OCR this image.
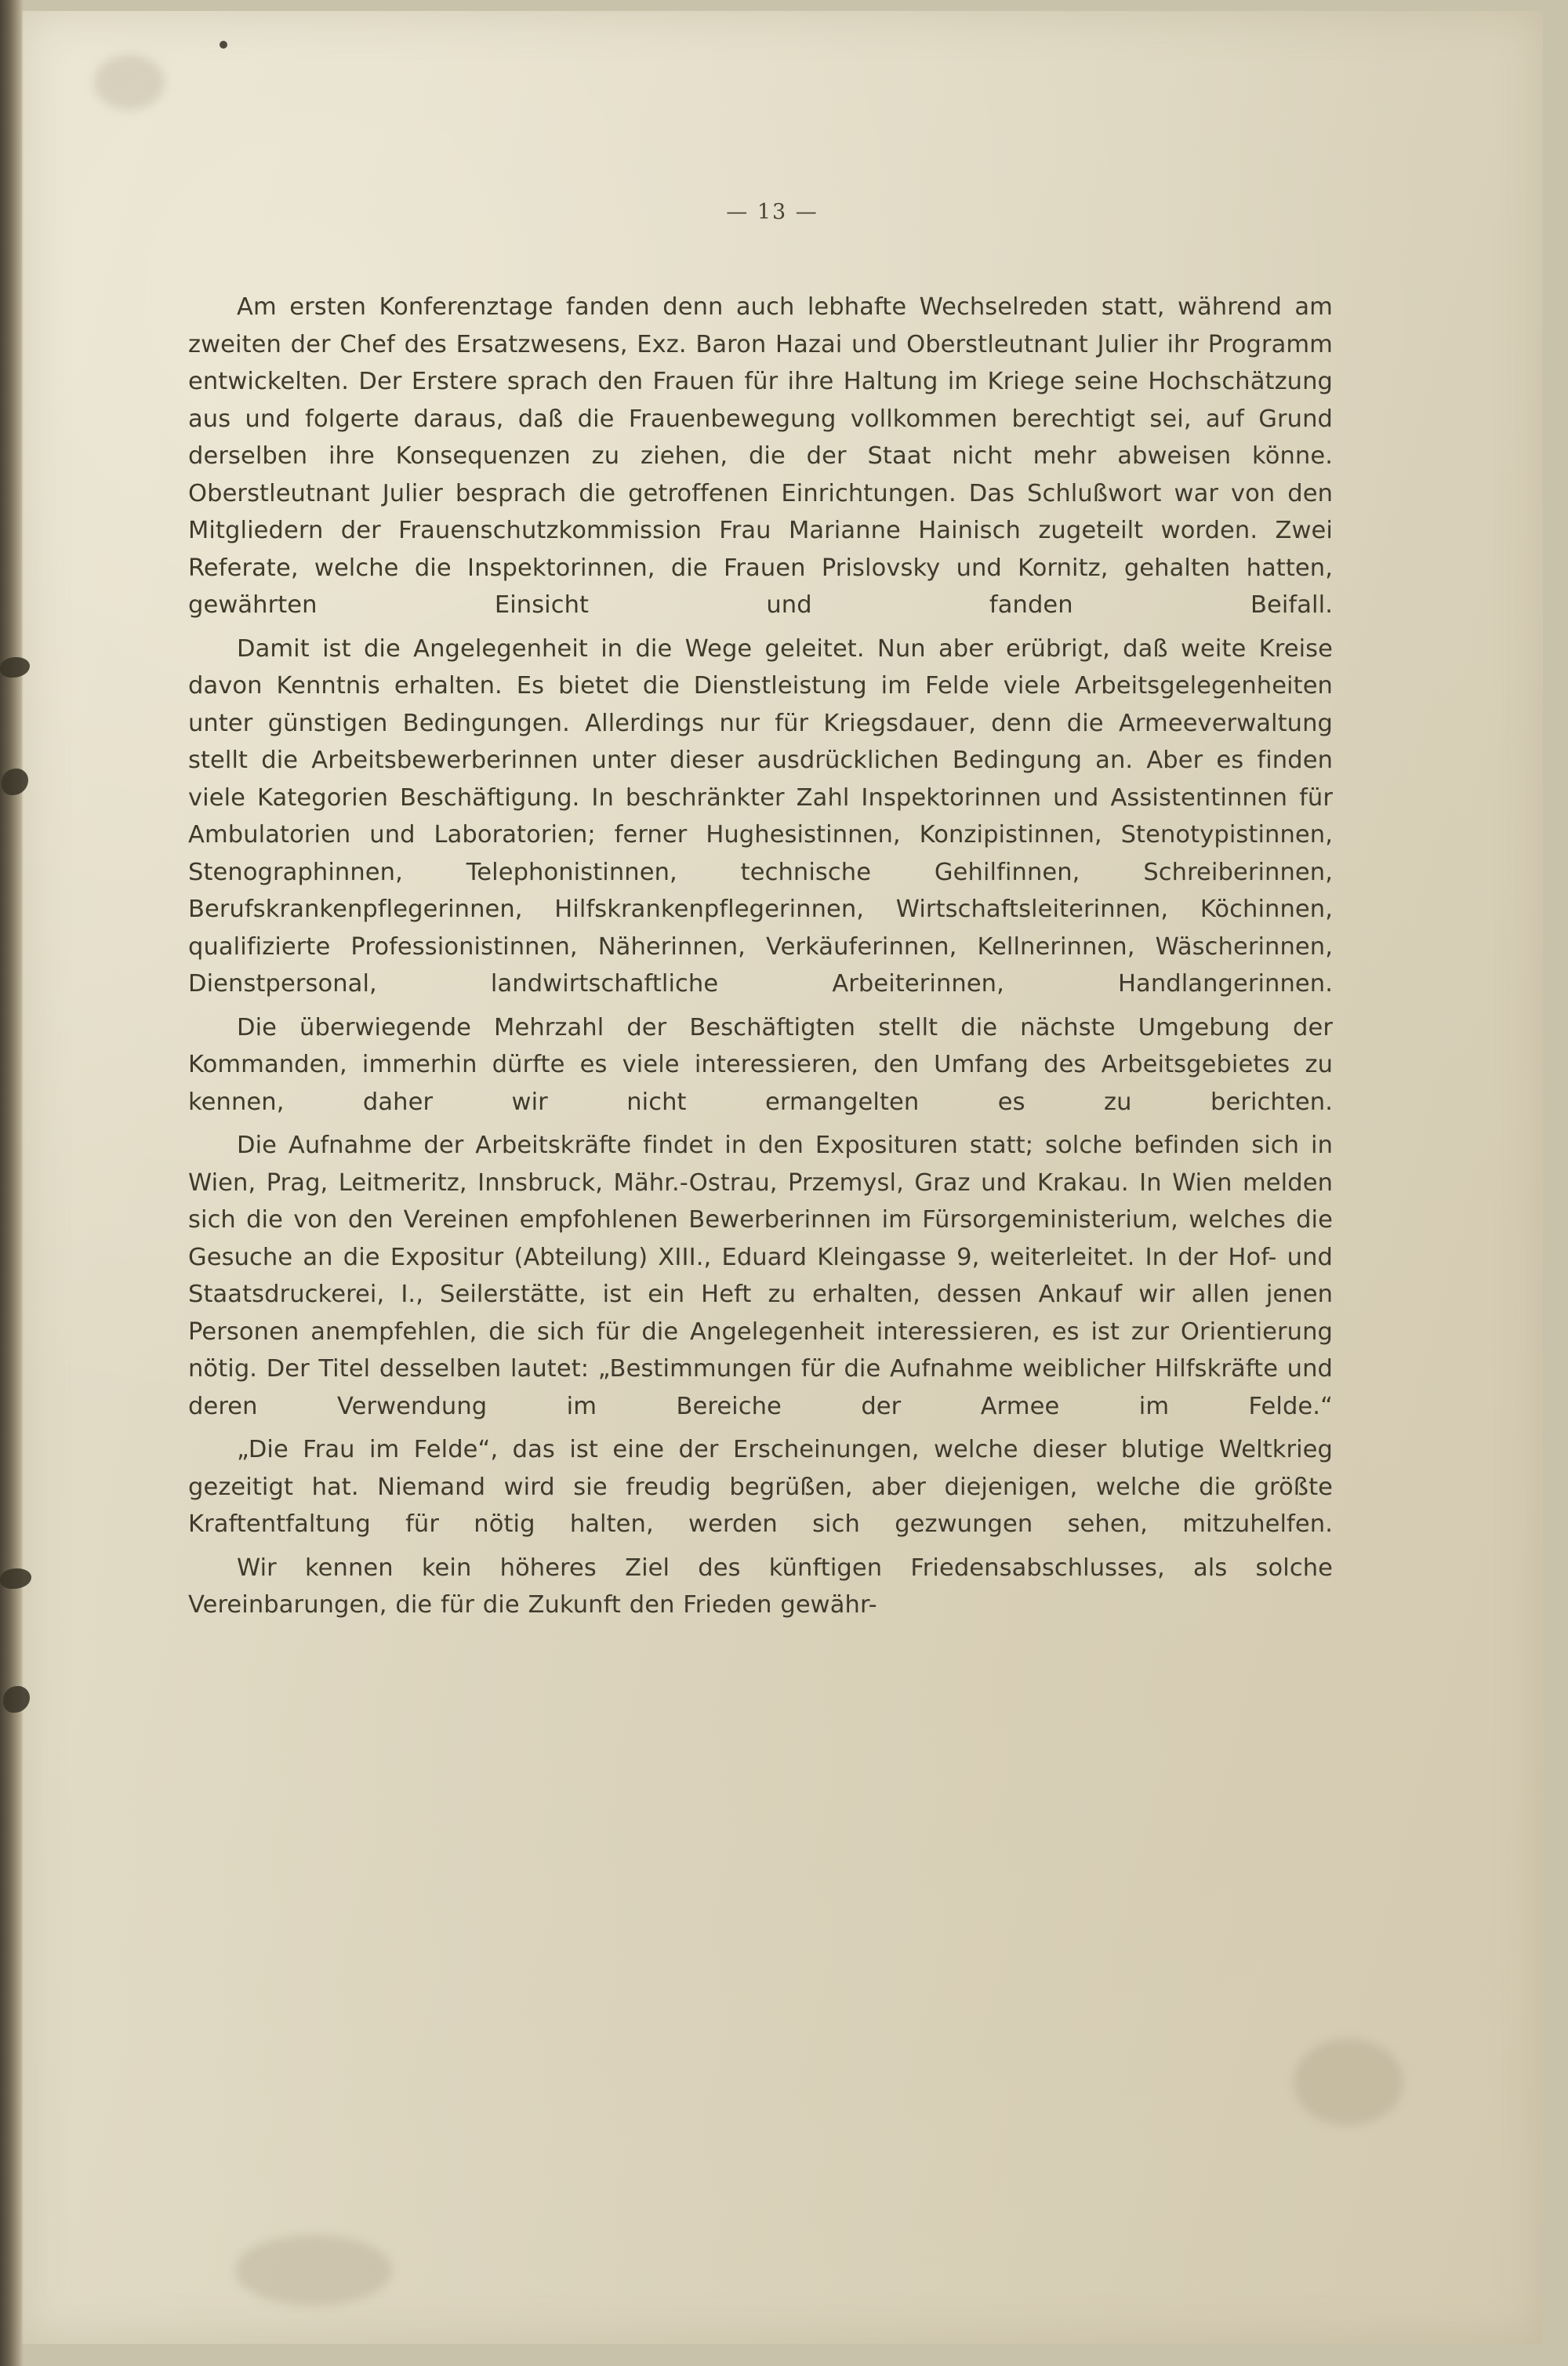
— 13 —

Am ersten Konferenztage fanden denn auch lebhafte Wechselreden statt, während am zweiten der Chef des Ersatzwesens, Exz. Baron Hazai und Oberstleutnant Julier ihr Programm entwickelten. Der Erstere sprach den Frauen für ihre Haltung im Kriege seine Hochschätzung aus und folgerte daraus, daß die Frauenbewegung vollkommen berechtigt sei, auf Grund derselben ihre Konsequenzen zu ziehen, die der Staat nicht mehr abweisen könne. Oberstleutnant Julier besprach die getroffenen Einrichtungen. Das Schlußwort war von den Mitgliedern der Frauenschutzkommission Frau Marianne Hainisch zugeteilt worden. Zwei Referate, welche die Inspektorinnen, die Frauen Prislovsky und Kornitz, gehalten hatten, gewährten Einsicht und fanden Beifall.

Damit ist die Angelegenheit in die Wege geleitet. Nun aber erübrigt, daß weite Kreise davon Kenntnis erhalten. Es bietet die Dienstleistung im Felde viele Arbeitsgelegenheiten unter günstigen Bedingungen. Allerdings nur für Kriegsdauer, denn die Armeeverwaltung stellt die Arbeitsbewerberinnen unter dieser ausdrücklichen Bedingung an. Aber es finden viele Kategorien Beschäftigung. In beschränkter Zahl Inspektorinnen und Assistentinnen für Ambulatorien und Laboratorien; ferner Hughesistinnen, Konzipistinnen, Stenotypistinnen, Stenographinnen, Telephonistinnen, technische Gehilfinnen, Schreiberinnen, Berufskrankenpflegerinnen, Hilfskrankenpflegerinnen, Wirtschaftsleiterinnen, Köchinnen, qualifizierte Professionistinnen, Näherinnen, Verkäuferinnen, Kellnerinnen, Wäscherinnen, Dienstpersonal, landwirtschaftliche Arbeiterinnen, Handlangerinnen.

Die überwiegende Mehrzahl der Beschäftigten stellt die nächste Umgebung der Kommanden, immerhin dürfte es viele interessieren, den Umfang des Arbeitsgebietes zu kennen, daher wir nicht ermangelten es zu berichten.

Die Aufnahme der Arbeitskräfte findet in den Exposituren statt; solche befinden sich in Wien, Prag, Leitmeritz, Innsbruck, Mähr.-Ostrau, Przemysl, Graz und Krakau. In Wien melden sich die von den Vereinen empfohlenen Bewerberinnen im Fürsorgeministerium, welches die Gesuche an die Expositur (Abteilung) XIII., Eduard Kleingasse 9, weiterleitet. In der Hof- und Staatsdruckerei, I., Seilerstätte, ist ein Heft zu erhalten, dessen Ankauf wir allen jenen Personen anempfehlen, die sich für die Angelegenheit interessieren, es ist zur Orientierung nötig. Der Titel desselben lautet: „Bestimmungen für die Aufnahme weiblicher Hilfskräfte und deren Verwendung im Bereiche der Armee im Felde.“

„Die Frau im Felde“, das ist eine der Erscheinungen, welche dieser blutige Weltkrieg gezeitigt hat. Niemand wird sie freudig begrüßen, aber diejenigen, welche die größte Kraftentfaltung für nötig halten, werden sich gezwungen sehen, mitzuhelfen.

Wir kennen kein höheres Ziel des künftigen Friedensabschlusses, als solche Vereinbarungen, die für die Zukunft den Frieden gewähr-
